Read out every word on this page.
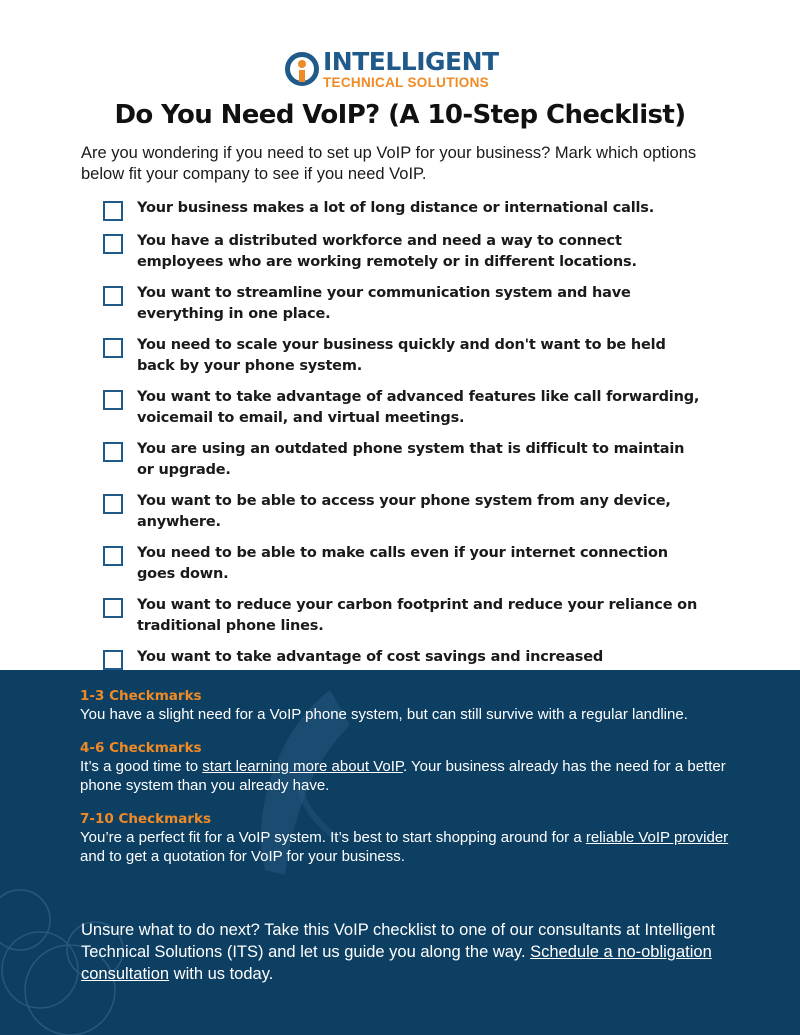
INTELLIGENT
TECHNICAL SOLUTIONS
Do You Need VoIP? (A 10-Step Checklist)
Are you wondering if you need to set up VoIP for your business? Mark which options below fit your company to see if you need VoIP.
Your business makes a lot of long distance or international calls.
You have a distributed workforce and need a way to connect employees who are working remotely or in different locations.
You want to streamline your communication system and have everything in one place.
You need to scale your business quickly and don't want to be held back by your phone system.
You want to take advantage of advanced features like call forwarding, voicemail to email, and virtual meetings.
You are using an outdated phone system that is difficult to maintain or upgrade.
You want to be able to access your phone system from any device, anywhere.
You need to be able to make calls even if your internet connection goes down.
You want to reduce your carbon footprint and reduce your reliance on traditional phone lines.
You want to take advantage of cost savings and increased
1-3 Checkmarks
You have a slight need for a VoIP phone system, but can still survive with a regular landline.
4-6 Checkmarks
It’s a good time to start learning more about VoIP. Your business already has the need for a better phone system than you already have.
7-10 Checkmarks
You’re a perfect fit for a VoIP system. It’s best to start shopping around for a reliable VoIP provider and to get a quotation for VoIP for your business.
Unsure what to do next? Take this VoIP checklist to one of our consultants at Intelligent Technical Solutions (ITS) and let us guide you along the way. Schedule a no-obligation consultation with us today.
